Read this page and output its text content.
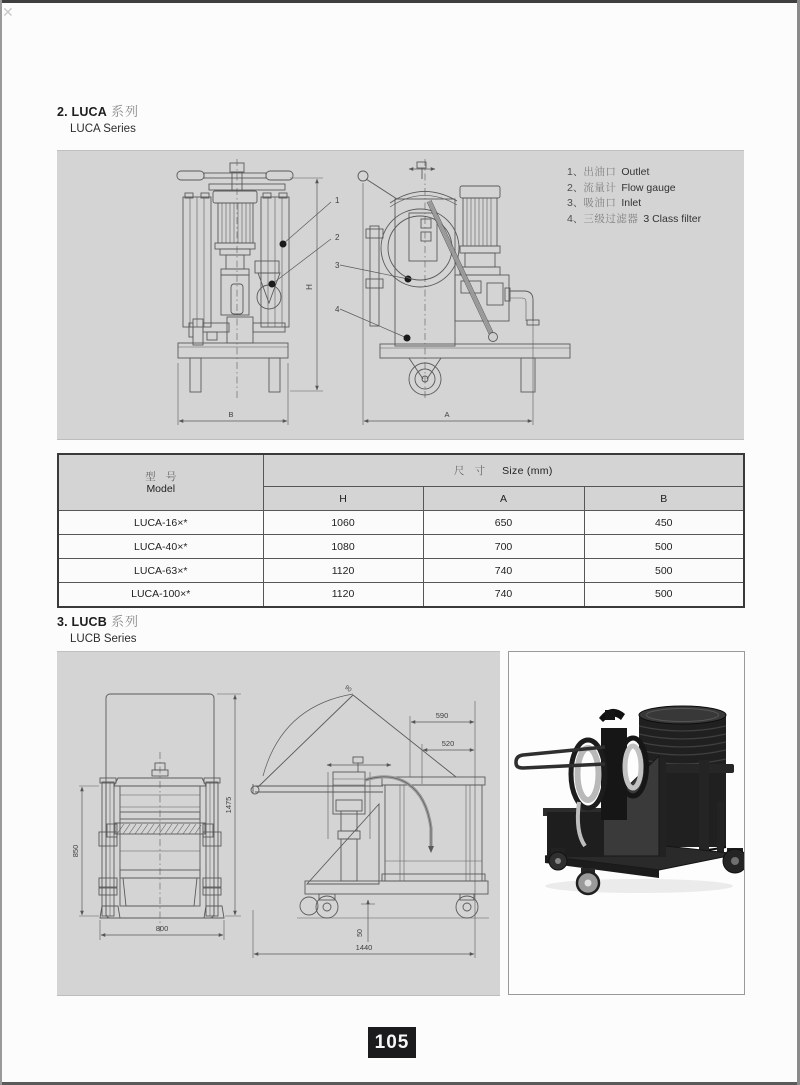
✕
2. LUCA 系列
LUCA Series
H
B	A
1
2
3
4
1、出油口 Outlet
2、流量计 Flow gauge
3、吸油口 Inlet
4、三级过滤器 3 Class filter
型 号
Model	尺 寸 Size (mm)		
	H	A	B
LUCA-16×*	1060	650	450
LUCA-40×*	1080	700	500
LUCA-63×*	1120	740	500
LUCA-100×*	1120	740	500
3. LUCB 系列
LUCB Series
850
1475
800
590
520
50
1440
90
105
